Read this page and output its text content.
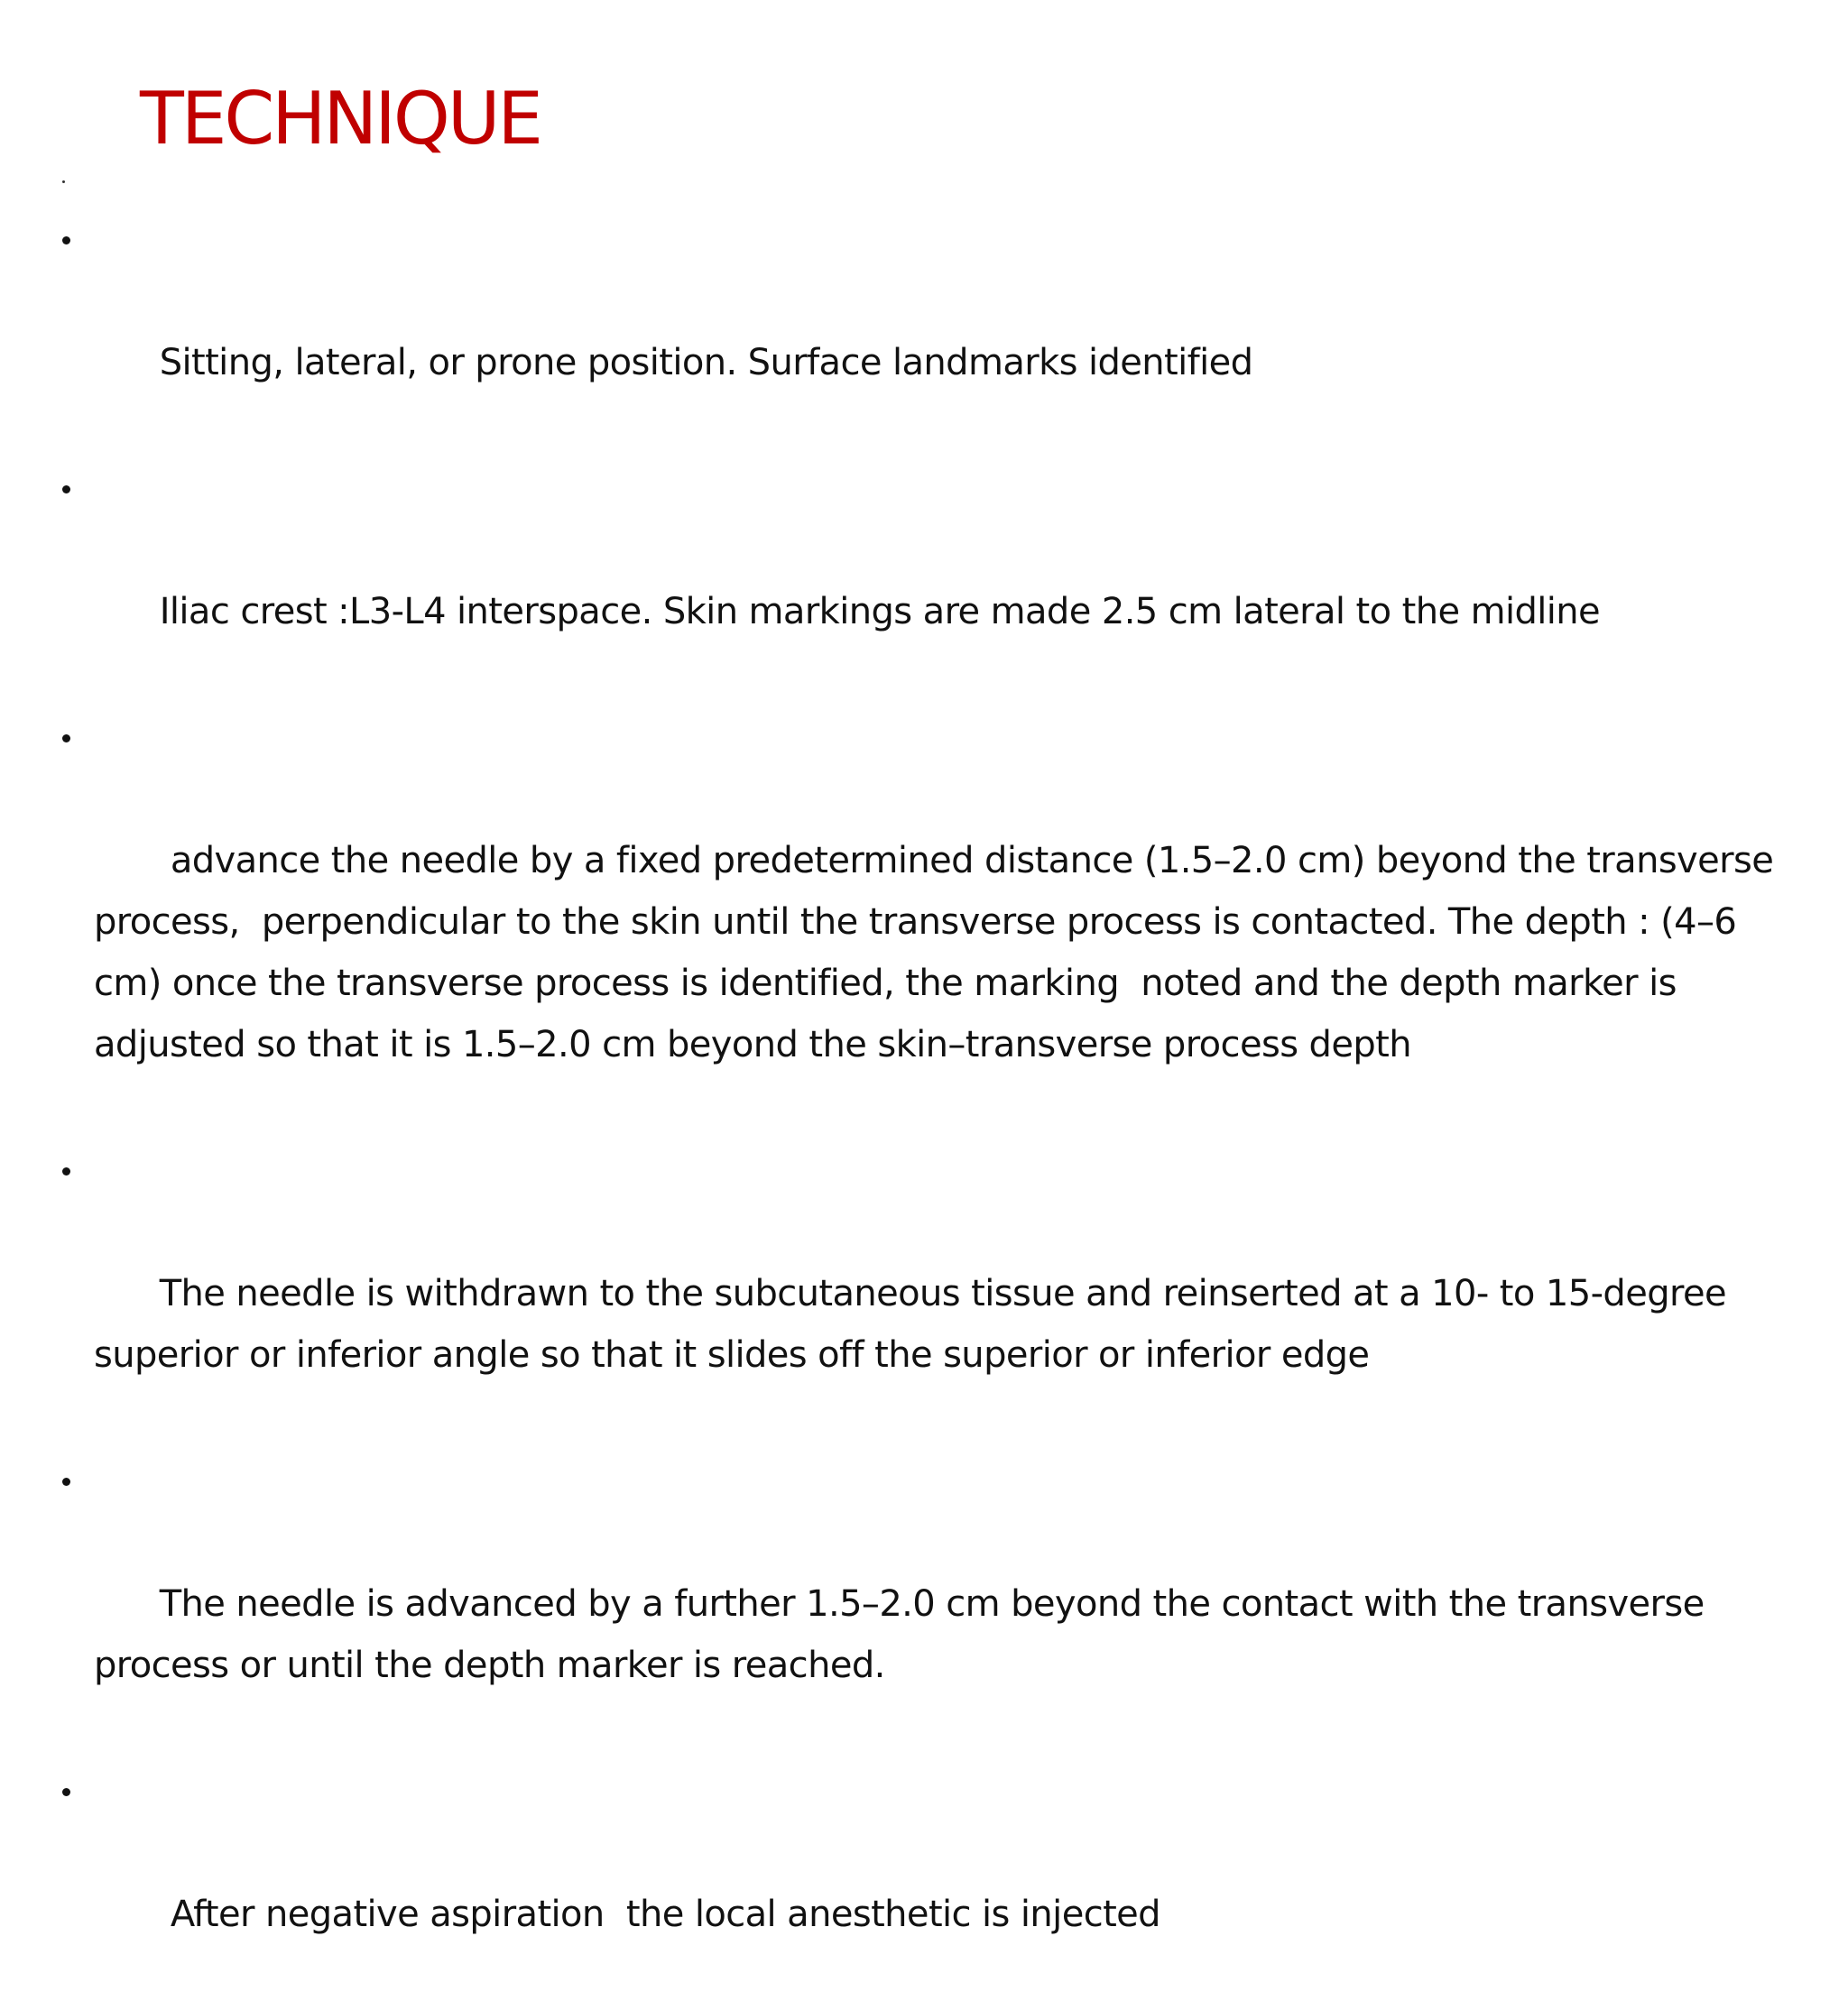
TECHNIQUE

Sitting, lateral, or prone position. Surface landmarks identified

Iliac crest :L3-L4 interspace. Skin markings are made 2.5 cm lateral to the midline

advance the needle by a fixed predetermined distance (1.5–2.0 cm) beyond the transverse process,  perpendicular to the skin until the transverse process is contacted. The depth : (4–6 cm) once the transverse process is identified, the marking  noted and the depth marker is adjusted so that it is 1.5–2.0 cm beyond the skin–transverse process depth

The needle is withdrawn to the subcutaneous tissue and reinserted at a 10- to 15-degree superior or inferior angle so that it slides off the superior or inferior edge

The needle is advanced by a further 1.5–2.0 cm beyond the contact with the transverse process or until the depth marker is reached.

After negative aspiration  the local anesthetic is injected
